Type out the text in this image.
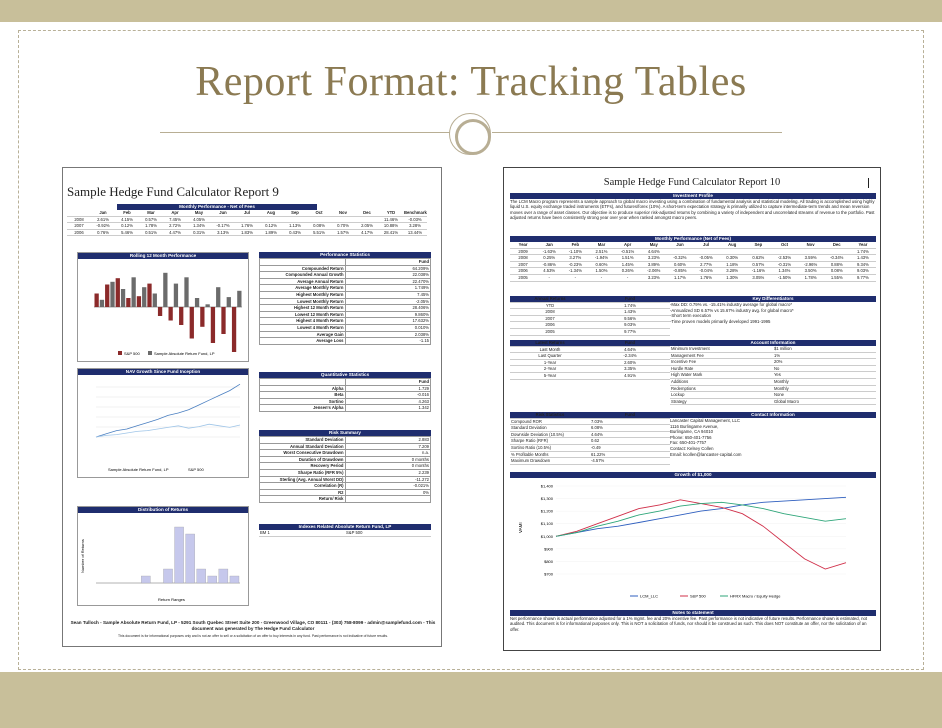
Report Format: Tracking Tables
Sample Hedge Fund Calculator Report 9
Monthly Performance - Net of Fees
	Jan	Feb	Mar	Apr	May	Jun	Jul	Aug	Sep	Oct	Nov	Dec	YTD	Benchmark
2008	2.61%	4.15%	0.57%	7.45%	4.05%								11.46%	-0.03%
2007	-0.92%	0.12%	1.78%	2.72%	1.34%	-0.17%	1.76%	0.12%	1.13%	0.08%	0.70%	2.05%	10.88%	3.28%
2006	0.76%	5.46%	0.51%	4.47%	0.31%	3.13%	1.83%	1.89%	0.43%	5.51%	1.57%	4.17%	28.41%	13.44%
Rolling 12 Month Performance
S&P 500	Sample Absolute Return Fund, LP
Performance Statistics
	Fund
Compounded Return	64.209%
Compounded Annual Growth	22.038%
Average Annual Return	22.470%
Average Monthly Return	1.749%
Highest Monthly Return	7.45%
Lowest Monthly Return	-2.05%
Highest 12 Month Return	28.406%
Lowest 12 Month Return	9.860%
Highest 4 Month Return	17.632%
Lowest 4 Month Return	0.010%
Average Gain	2.038%
Average Loss	-1.15
NAV Growth Since Fund Inception
Sample Absolute Return Fund, LP	S&P 500
Quantitative Statistics
	Fund
Alpha	1.729
Beta	-0.016
Sortino	4.263
Jensen's Alpha	1.342
Risk Summary
Standard Deviation	2.883
Annual Standard Deviation	7.209
Worst Consecutive Drawdown	n.a.
Duration of Drawdown	0 months
Recovery Period	0 months
Sharpe Ratio (RFR 5%)	2.239
Sterling (Avg. Annual Worst DD)	-11.272
Correlation (R)	-0.021%
R2	0%
Return/ Risk	
Distribution of Returns
Return Ranges
Number of Returns
Indexes Related Absolute Return Fund, LP
BM 1	S&P 500
Sean Tulloch - Sample Absolute Return Fund, LP - 5291 South Quebec Street Suite 200 - Greenwood Village, CO 80111 - (303) 758-8099 - admin@samplefund.com - This
document was generated by The Hedge Fund Calculator
This document is for informational purposes only and is not an offer to sell or a solicitation of an offer to buy interests in any fund. Past performance is not indicative of future results.
Sample Hedge Fund Calculator Report 10
Investment Profile
The LCM Macro program represents a sample approach to global macro investing using a combination of fundamental analysis and statistical modeling. All trading is accomplished using highly liquid U.S. equity exchange traded instruments (ETFs), and futures/forex (10%). A short-term expectation strategy is primarily utilized to capture intermediate-term trends and mean reversion moves over a range of asset classes. Our objective is to produce superior risk-adjusted returns by combining a variety of independent and uncorrelated streams of revenue to the portfolio. Past adjusted returns have been consistently strong year over year when ranked amongst macro peers.
Monthly Performance (Net of Fees)
Year	Jan	Feb	Mar	Apr	May	Jun	Jul	Aug	Sep	Oct	Nov	Dec	Year
2009	-1.63%	-1.10%	2.51%	-0.51%	4.64%								1.74%
2008	0.25%	3.27%	-1.94%	1.51%	3.23%	-0.32%	-0.05%	0.30%	0.62%	-2.53%	3.59%	-0.34%	1.43%
2007	-0.86%	-0.23%	0.60%	1.45%	3.89%	0.60%	2.77%	1.18%	0.57%	-0.31%	-2.96%	0.88%	9.34%
2006	4.53%	-1.34%	1.50%	0.26%	-2.06%	-0.85%	-0.04%	3.28%	-1.16%	1.34%	3.50%	0.08%	9.03%
2005	-	-	-	-	3.23%	1.17%	1.76%	1.30%	3.05%	-1.50%	1.78%	1.55%	9.77%
Annual Returns	Fund
YTD	1.74%
2008	1.43%
2007	9.56%
2006	9.03%
2005	9.77%
Key Differentiators
-Max DD: 0.79% vs. -15.41% industry average for global macro*
-Annualized SD 6.57% vs 15.67% industry avg. for global macro*
-Short term execution
-Time proven models primarily developed 1991-1995
Latest Returns	Fund
Last Month	4.64%
Last Quarter	-2.34%
1-Year	2.60%
2-Year	3.35%
5-Year	4.91%
Account Information
Minimum Investment	$1 million
Management Fee	1%
Incentive Fee	20%
Hurdle Rate	No
High Water Mark	Yes
Additions	Monthly
Redemptions	Monthly
Lockup	None
Strategy	Global Macro
Risk Statistics	Fund
Compound ROR	7.03%
Standard Deviation	6.08%
Downside Deviation (10.5%)	4.64%
Sharpe Ratio (RFR)	0.62
Sortino Ratio (10.5%)	-0.49
% Profitable Months	61.22%
Maximum Drawdown	-4.57%
Contact Information
Lancaster Capital Management, LLC
1116 Burlingame Avenue,
Burlingame, CA 94010
Phone: 650-401-7756
Fax: 650-401-7757
Contact: Kelsey Collen
Email: kcollen@lancaster-capital.com
Growth of $1,000
$1,400
$1,300
$1,200
$1,100
$1,000
$900
$800
$700
VAMI
LCM_LLC	S&P 500	HFRX Macro / Equity Hedge
Notes to statement
Net performance shown is actual performance adjusted for a 1% mgmt. fee and 20% incentive fee. Past performance is not indicative of future results. Performance shown is estimated, not audited. This document is for informational purposes only. This is NOT a solicitation of funds, nor should it be construed as such. This does NOT constitute an offer, nor the solicitation of an offer.
